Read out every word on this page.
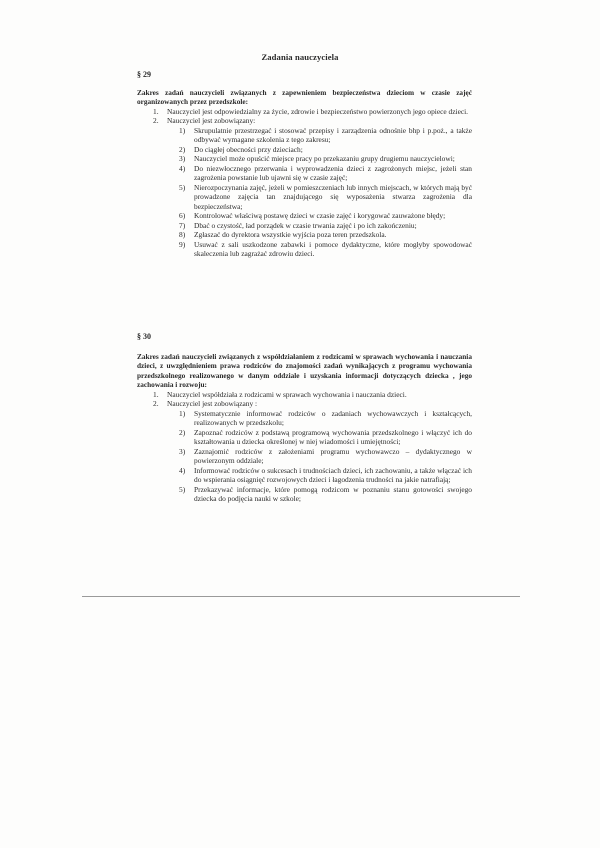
Zadania nauczyciela
§ 29
Zakres zadań nauczycieli związanych z zapewnieniem bezpieczeństwa dzieciom w czasie zajęć organizowanych przez przedszkole:
1. Nauczyciel jest odpowiedzialny za życie, zdrowie i bezpieczeństwo powierzonych jego opiece dzieci.
2. Nauczyciel jest zobowiązany:
1) Skrupulatnie przestrzegać i stosować przepisy i zarządzenia odnośnie bhp i p.poż., a także odbywać wymagane szkolenia z tego zakresu;
2) Do ciągłej obecności przy dzieciach;
3) Nauczyciel może opuścić miejsce pracy po przekazaniu grupy drugiemu nauczycielowi;
4) Do niezwłocznego przerwania i wyprowadzenia dzieci z zagrożonych miejsc, jeżeli stan zagrożenia powstanie lub ujawni się w czasie zajęć;
5) Nierozpoczynania zajęć, jeżeli w pomieszczeniach lub innych miejscach, w których mają być prowadzone zajęcia tan znajdującego się wyposażenia stwarza zagrożenia dla bezpieczeństwa;
6) Kontrolować właściwą postawę dzieci w czasie zajęć i korygować zauważone błędy;
7) Dbać o czystość, ład porządek w czasie trwania zajęć i po ich zakończeniu;
8) Zgłaszać do dyrektora wszystkie wyjścia poza teren przedszkola.
9) Usuwać z sali uszkodzone zabawki i pomoce dydaktyczne, które mogłyby spowodować skaleczenia lub zagrażać zdrowiu dzieci.
§ 30
Zakres zadań nauczycieli związanych z współdziałaniem z rodzicami w sprawach wychowania i nauczania dzieci, z uwzględnieniem prawa rodziców do znajomości zadań wynikających z programu wychowania przedszkolnego realizowanego w danym oddziale i uzyskania informacji dotyczących dziecka , jego zachowania i rozwoju:
1. Nauczyciel współdziała z rodzicami w sprawach wychowania i nauczania dzieci.
2. Nauczyciel jest zobowiązany :
1) Systematycznie informować rodziców o zadaniach wychowawczych i kształcących, realizowanych w przedszkolu;
2) Zapoznać rodziców z podstawą programową wychowania przedszkolnego i włączyć ich do kształtowania u dziecka określonej w niej wiadomości i umiejętności;
3) Zaznajomić rodziców z założeniami programu wychowawczo – dydaktycznego w powierzonym oddziale;
4) Informować rodziców o sukcesach i trudnościach dzieci, ich zachowaniu, a także włączać ich do wspierania osiągnięć rozwojowych dzieci i łagodzenia trudności na jakie natrafiają;
5) Przekazywać informacje, które pomogą rodzicom w poznaniu stanu gotowości swojego dziecka do podjęcia nauki w szkole;
